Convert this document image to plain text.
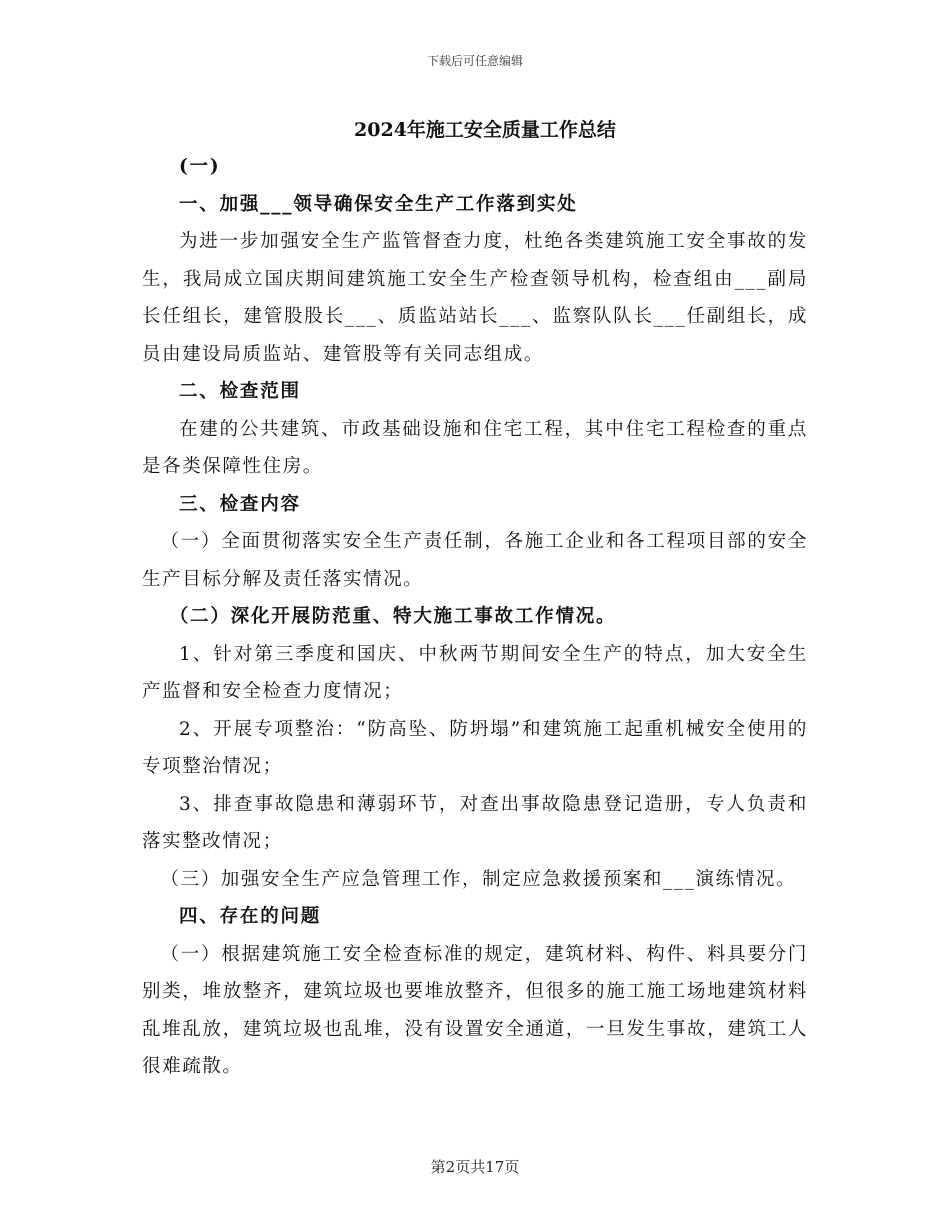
下载后可任意编辑
2024年施工安全质量工作总结

(一)

一、加强___领导确保安全生产工作落到实处

为进一步加强安全生产监管督查力度，杜绝各类建筑施工安全事故的发生，我局成立国庆期间建筑施工安全生产检查领导机构，检查组由___副局长任组长，建管股股长___、质监站站长___、监察队队长___任副组长，成员由建设局质监站、建管股等有关同志组成。

二、检查范围

在建的公共建筑、市政基础设施和住宅工程，其中住宅工程检查的重点是各类保障性住房。

三、检查内容

（一）全面贯彻落实安全生产责任制，各施工企业和各工程项目部的安全生产目标分解及责任落实情况。

（二）深化开展防范重、特大施工事故工作情况。

1、针对第三季度和国庆、中秋两节期间安全生产的特点，加大安全生产监督和安全检查力度情况；

2、开展专项整治：“防高坠、防坍塌”和建筑施工起重机械安全使用的专项整治情况；

3、排查事故隐患和薄弱环节，对查出事故隐患登记造册，专人负责和落实整改情况；

（三）加强安全生产应急管理工作，制定应急救援预案和___演练情况。

四、存在的问题

（一）根据建筑施工安全检查标准的规定，建筑材料、构件、料具要分门别类，堆放整齐，建筑垃圾也要堆放整齐，但很多的施工施工场地建筑材料乱堆乱放，建筑垃圾也乱堆，没有设置安全通道，一旦发生事故，建筑工人很难疏散。

第2页共17页
